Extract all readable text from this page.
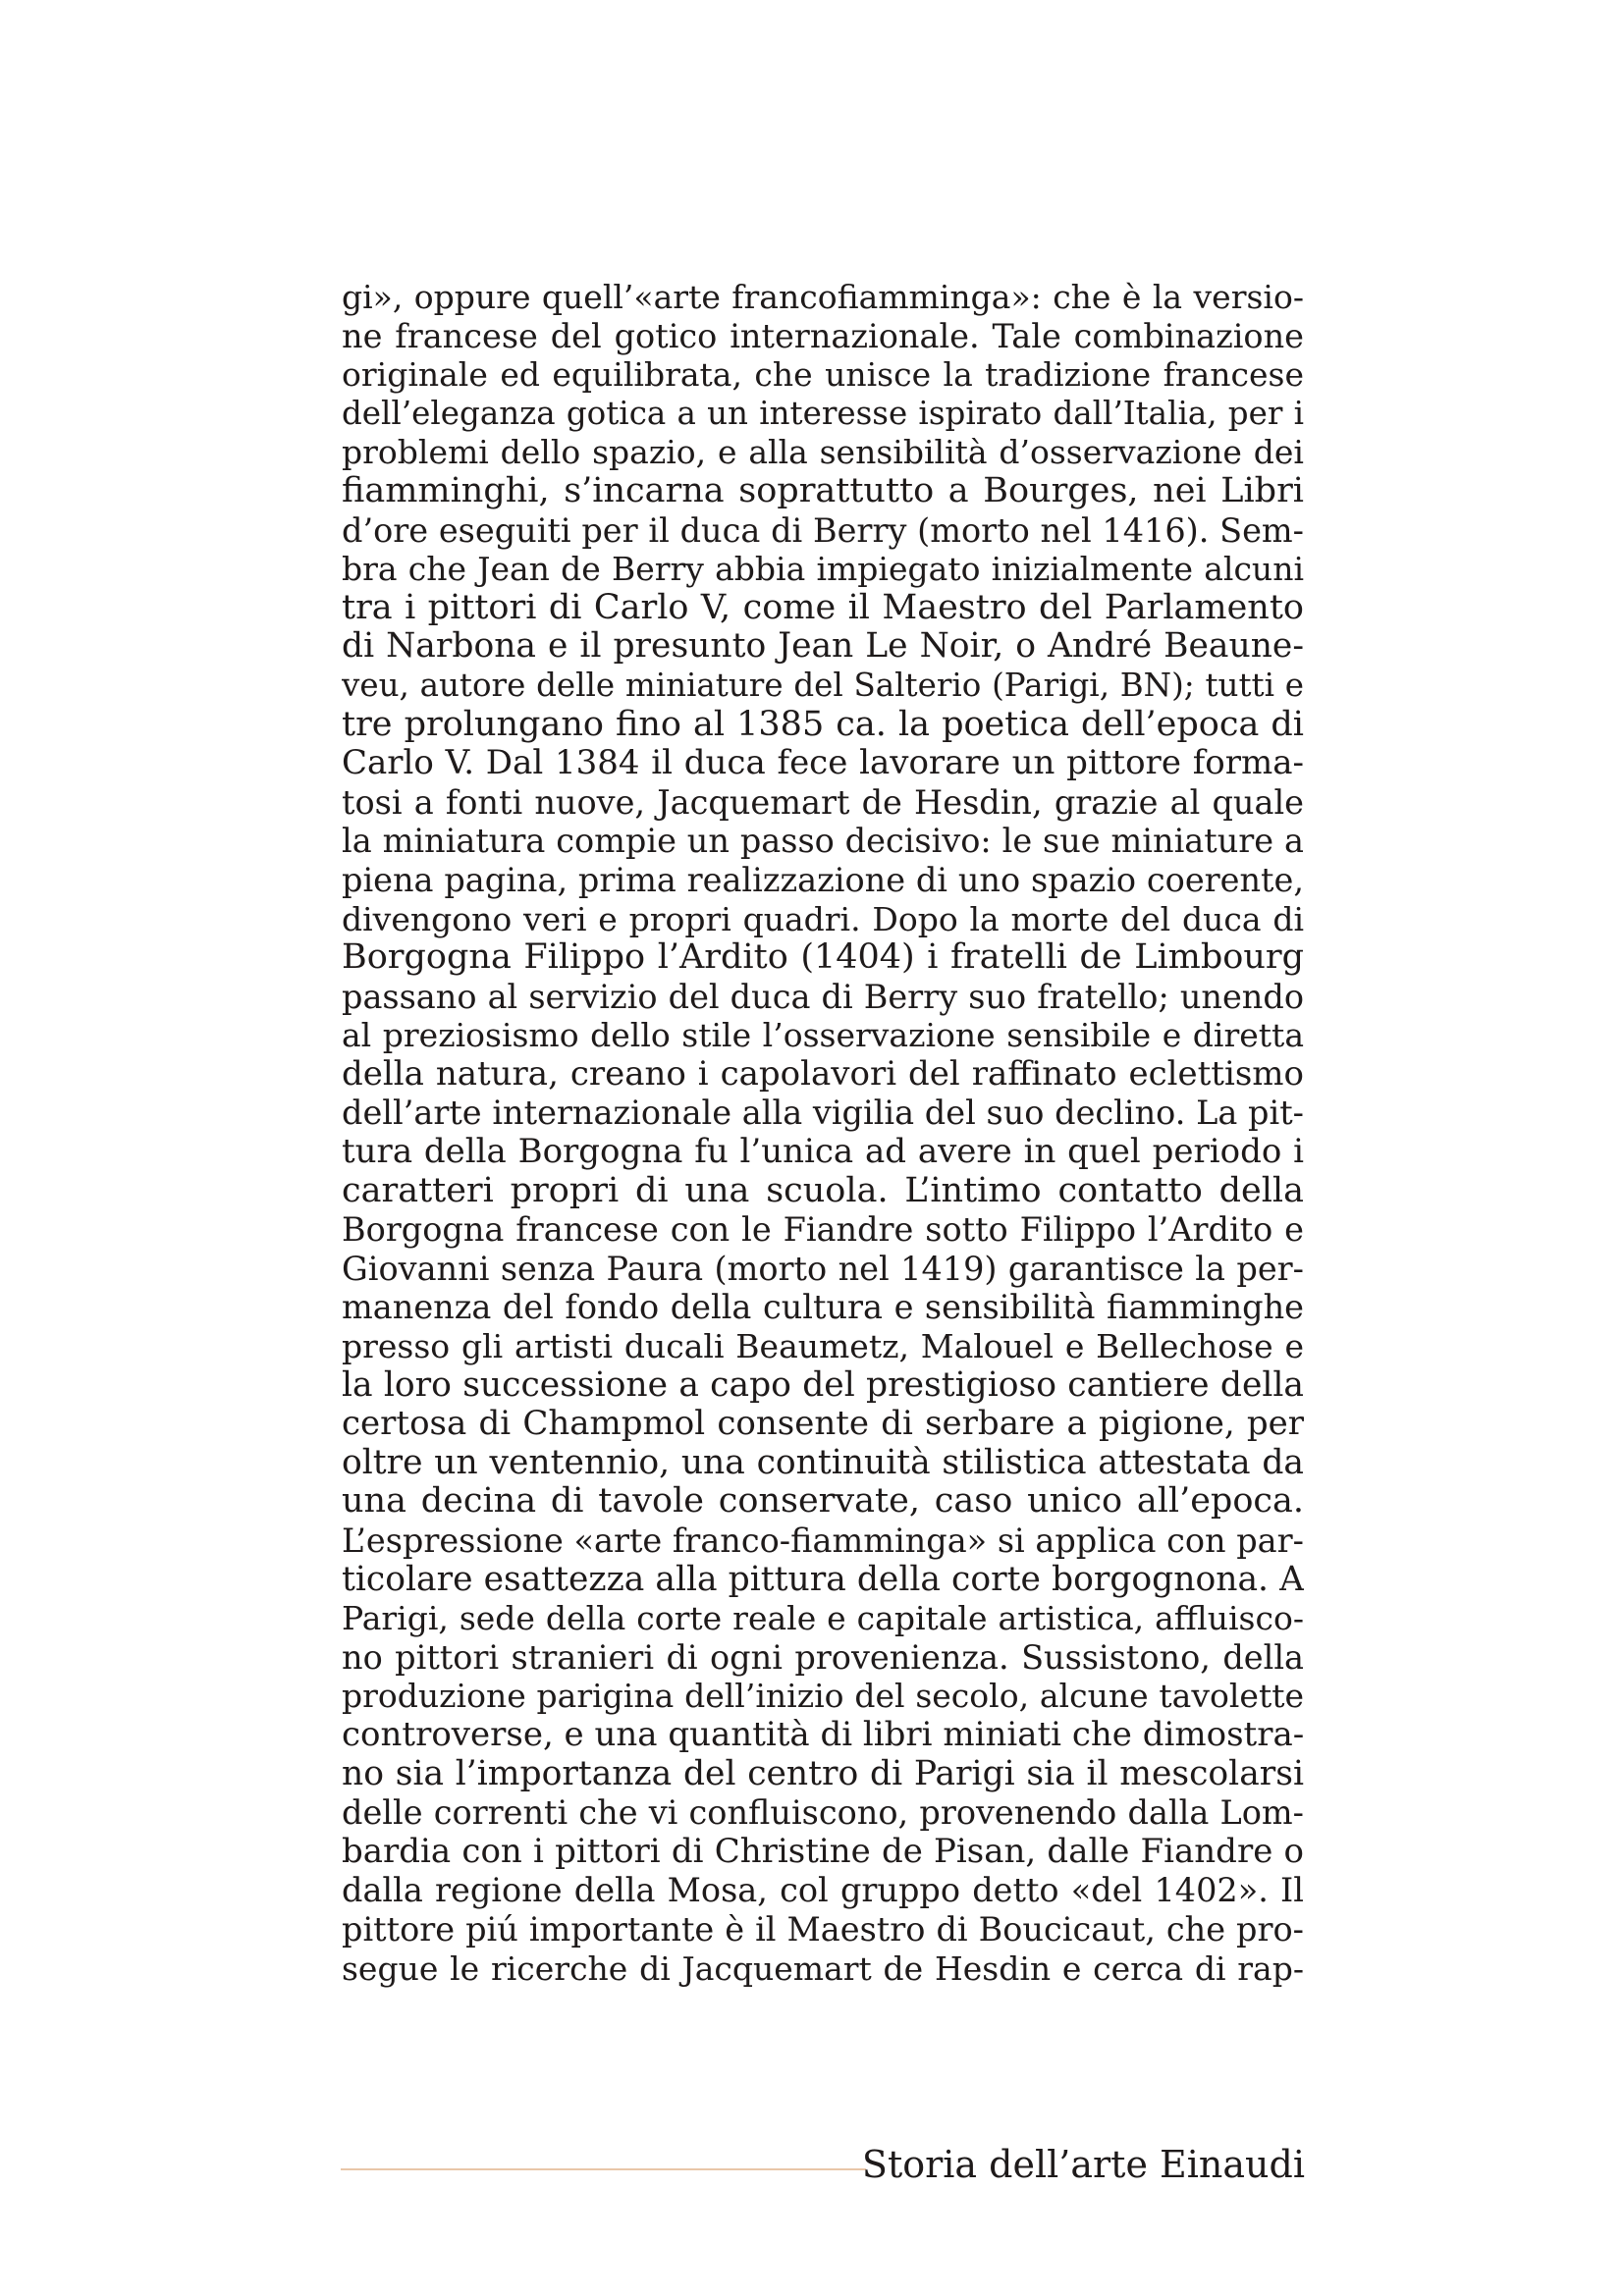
gi», oppure quell’«arte francofiamminga»: che è la versio-
ne francese del gotico internazionale. Tale combinazione
originale ed equilibrata, che unisce la tradizione francese
dell’eleganza gotica a un interesse ispirato dall’Italia, per i
problemi dello spazio, e alla sensibilità d’osservazione dei
fiamminghi, s’incarna soprattutto a Bourges, nei Libri
d’ore eseguiti per il duca di Berry (morto nel 1416). Sem-
bra che Jean de Berry abbia impiegato inizialmente alcuni
tra i pittori di Carlo V, come il Maestro del Parlamento
di Narbona e il presunto Jean Le Noir, o André Beaune-
veu, autore delle miniature del Salterio (Parigi, BN); tutti e
tre prolungano fino al 1385 ca. la poetica dell’epoca di
Carlo V. Dal 1384 il duca fece lavorare un pittore forma-
tosi a fonti nuove, Jacquemart de Hesdin, grazie al quale
la miniatura compie un passo decisivo: le sue miniature a
piena pagina, prima realizzazione di uno spazio coerente,
divengono veri e propri quadri. Dopo la morte del duca di
Borgogna Filippo l’Ardito (1404) i fratelli de Limbourg
passano al servizio del duca di Berry suo fratello; unendo
al preziosismo dello stile l’osservazione sensibile e diretta
della natura, creano i capolavori del raffinato eclettismo
dell’arte internazionale alla vigilia del suo declino. La pit-
tura della Borgogna fu l’unica ad avere in quel periodo i
caratteri propri di una scuola. L’intimo contatto della
Borgogna francese con le Fiandre sotto Filippo l’Ardito e
Giovanni senza Paura (morto nel 1419) garantisce la per-
manenza del fondo della cultura e sensibilità fiamminghe
presso gli artisti ducali Beaumetz, Malouel e Bellechose e
la loro successione a capo del prestigioso cantiere della
certosa di Champmol consente di serbare a pigione, per
oltre un ventennio, una continuità stilistica attestata da
una decina di tavole conservate, caso unico all’epoca.
L’espressione «arte franco-fiamminga» si applica con par-
ticolare esattezza alla pittura della corte borgognona. A
Parigi, sede della corte reale e capitale artistica, affluisco-
no pittori stranieri di ogni provenienza. Sussistono, della
produzione parigina dell’inizio del secolo, alcune tavolette
controverse, e una quantità di libri miniati che dimostra-
no sia l’importanza del centro di Parigi sia il mescolarsi
delle correnti che vi confluiscono, provenendo dalla Lom-
bardia con i pittori di Christine de Pisan, dalle Fiandre o
dalla regione della Mosa, col gruppo detto «del 1402». Il
pittore piú importante è il Maestro di Boucicaut, che pro-
segue le ricerche di Jacquemart de Hesdin e cerca di rap-
Storia dell’arte Einaudi
